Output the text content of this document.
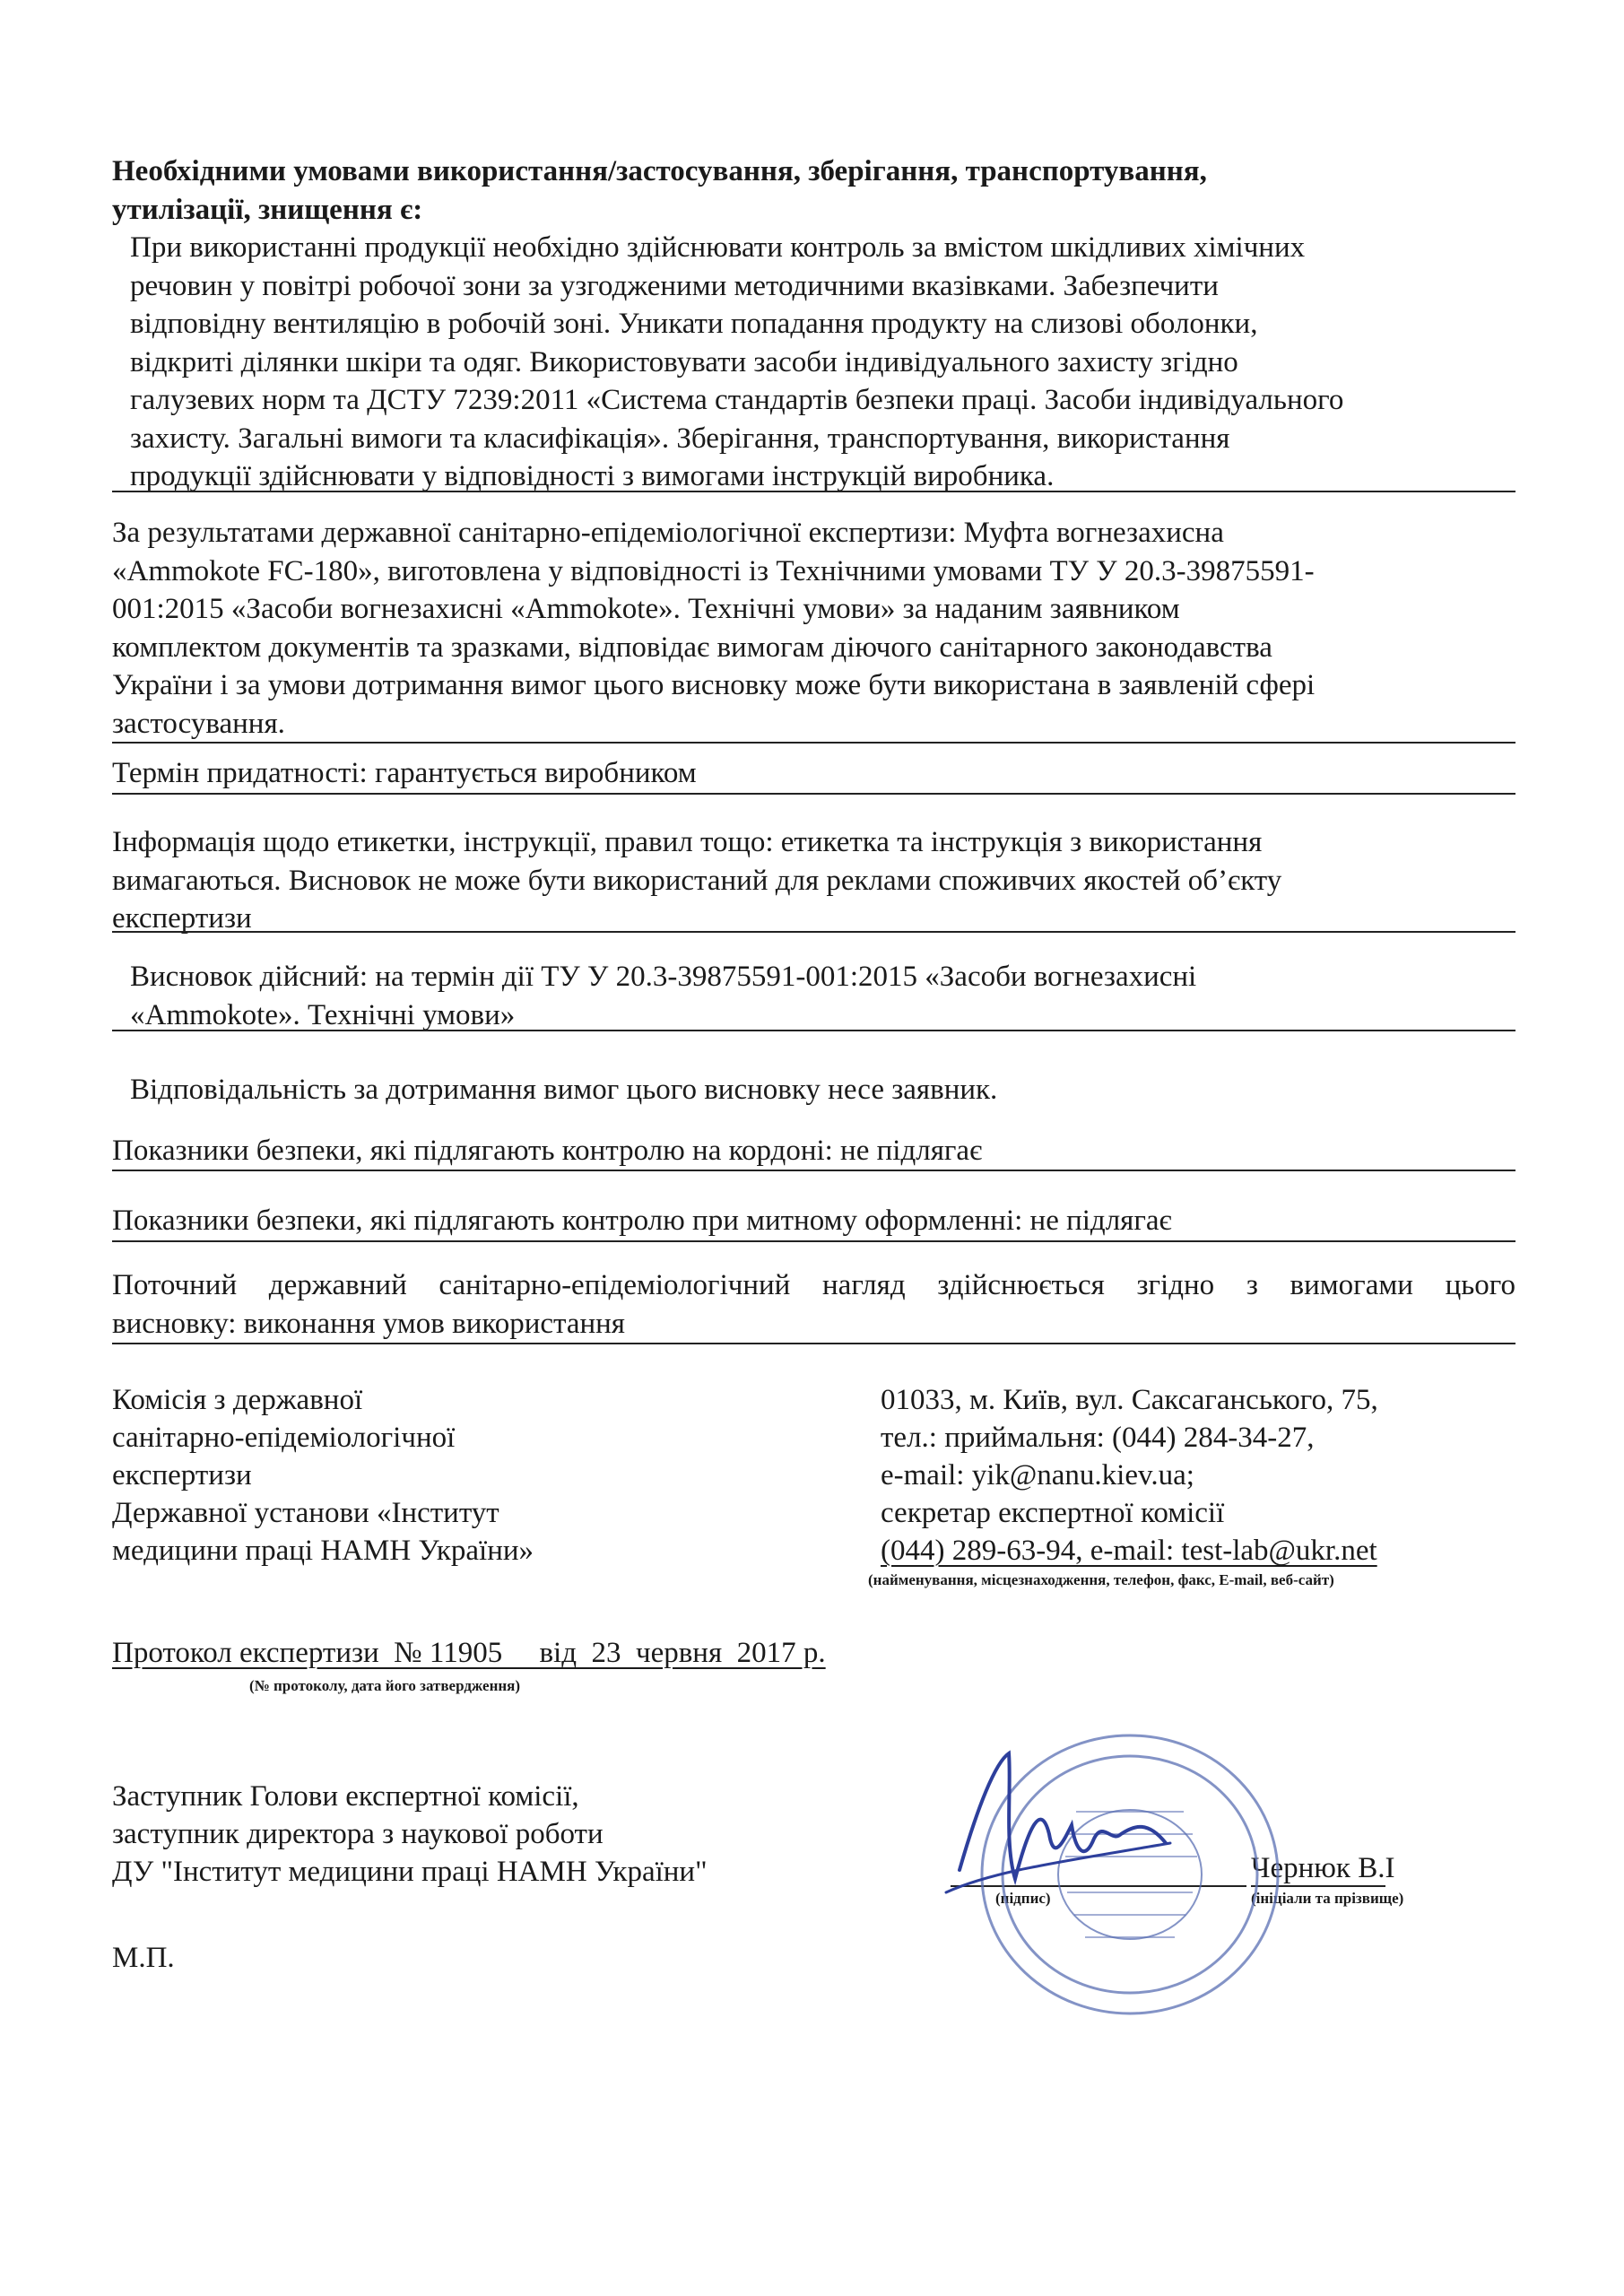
Необхідними умовами використання/застосування, зберігання, транспортування,
утилізації, знищення є:
При використанні продукції необхідно здійснювати контроль за вмістом шкідливих хімічних
речовин у повітрі робочої зони за узгодженими методичними вказівками. Забезпечити
відповідну вентиляцію в робочій зоні. Уникати попадання продукту на слизові оболонки,
відкриті ділянки шкіри та одяг. Використовувати засоби індивідуального захисту згідно
галузевих норм та ДСТУ 7239:2011 «Система стандартів безпеки праці. Засоби індивідуального
захисту. Загальні вимоги та класифікація». Зберігання, транспортування, використання
продукції здійснювати у відповідності з вимогами інструкцій виробника.
За результатами державної санітарно-епідеміологічної експертизи: Муфта вогнезахисна
«Ammokote FC-180», виготовлена у відповідності із Технічними умовами ТУ У 20.3-39875591-
001:2015 «Засоби вогнезахисні «Ammokote». Технічні умови» за наданим заявником
комплектом документів та зразками, відповідає вимогам діючого санітарного законодавства
України і за умови дотримання вимог цього висновку може бути використана в заявленій сфері
застосування.
Термін придатності: гарантується виробником
Інформація щодо етикетки, інструкції, правил тощо: етикетка та інструкція з використання
вимагаються. Висновок не може бути використаний для реклами споживчих якостей об’єкту
експертизи
Висновок дійсний: на термін дії ТУ У 20.3-39875591-001:2015 «Засоби вогнезахисні
«Ammokote». Технічні умови»
Відповідальність за дотримання вимог цього висновку несе заявник.
Показники безпеки, які підлягають контролю на кордоні: не підлягає
Показники безпеки, які підлягають контролю при митному оформленні: не підлягає
Поточний державний санітарно-епідеміологічний нагляд здійснюється згідно з вимогами цього
висновку: виконання умов використання
Комісія з державної
санітарно-епідеміологічної
експертизи
Державної установи «Інститут
медицини праці НАМН України»
01033, м. Київ, вул. Саксаганського, 75,
тел.: приймальня: (044) 284-34-27,
e-mail: yik@nanu.kiev.ua;
секретар експертної комісії
(044) 289-63-94, e-mail: test-lab@ukr.net
(найменування, місцезнаходження, телефон, факс, E-mail, веб-сайт)
Протокол експертизи  № 11905     від  23  червня  2017 р.
(№ протоколу, дата його затвердження)
Заступник Голови експертної комісії,
заступник директора з наукової роботи
ДУ "Інститут медицини праці НАМН України"
(підпис)
Чернюк В.І
(ініціали та прізвище)
М.П.
